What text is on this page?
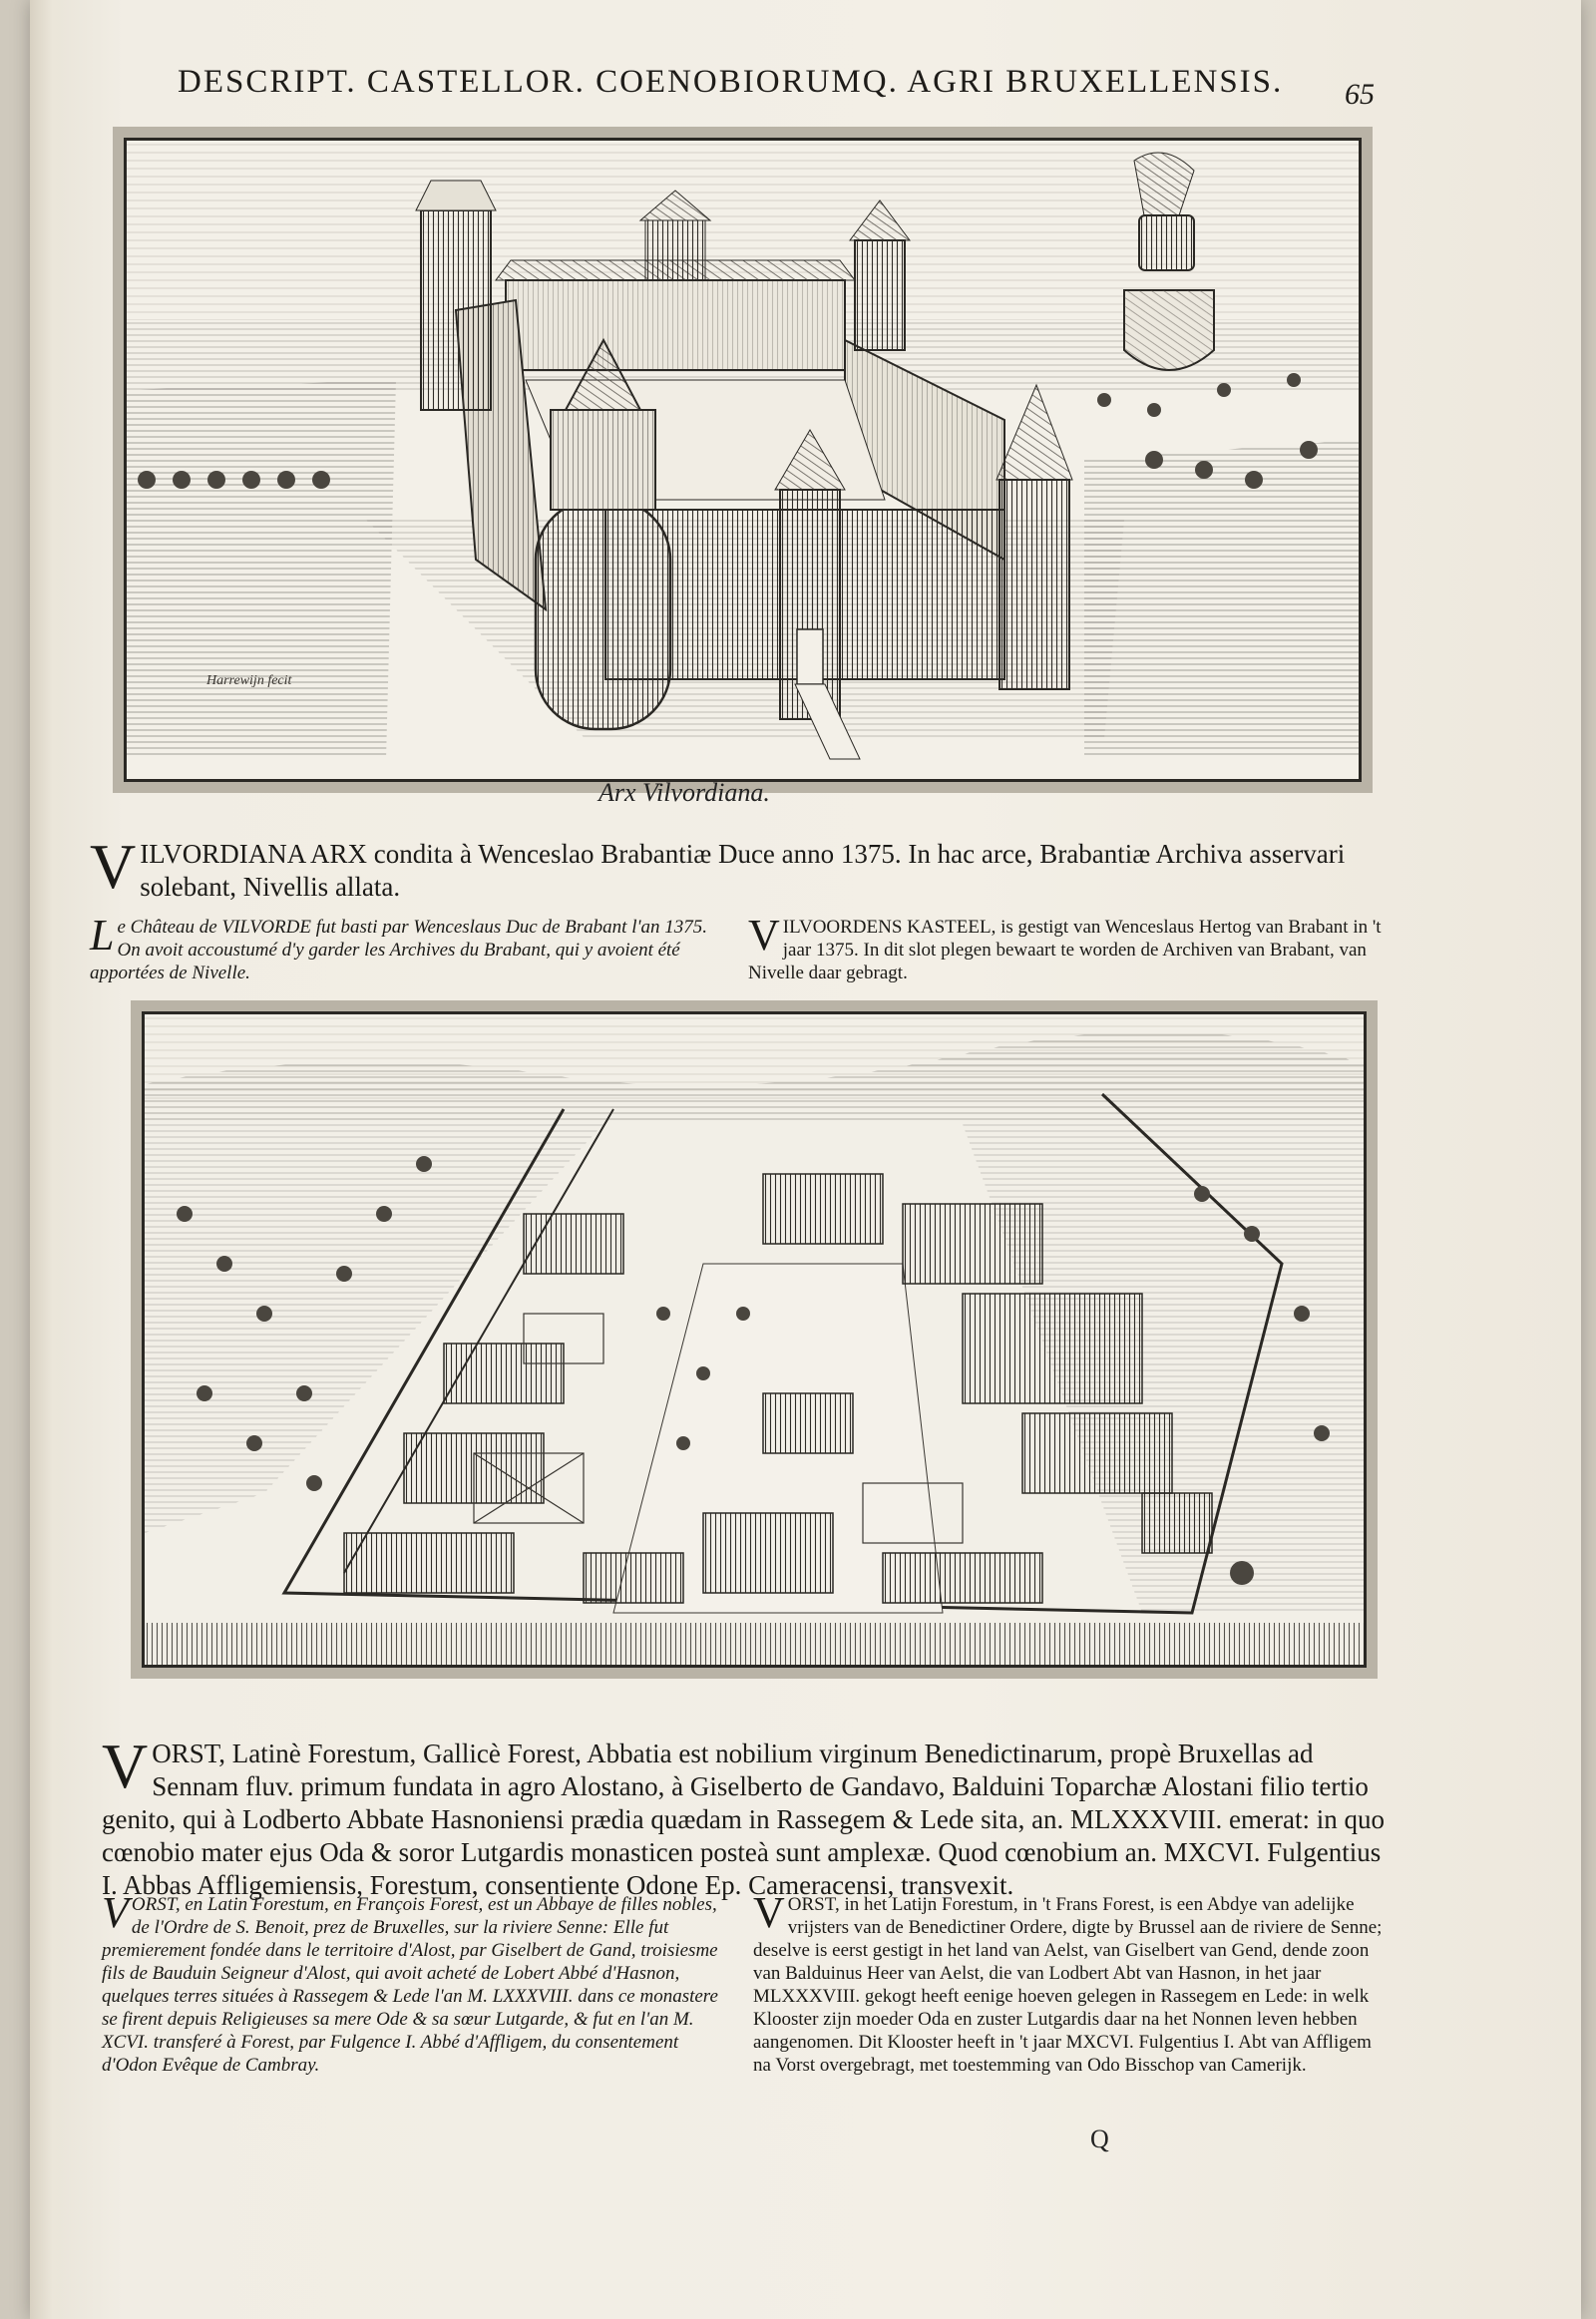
DESCRIPT. CASTELLOR. COENOBIORUMQ. AGRI BRUXELLENSIS. 65
Harrewijn fecit
Arx Vilvordiana.
VILVORDIANA ARX condita à Wenceslao Brabantiæ Duce anno 1375. In hac arce, Brabantiæ Archiva asservari solebant, Nivellis allata.
Le Château de VILVORDE fut basti par Wenceslaus Duc de Brabant l'an 1375. On avoit accoustumé d'y garder les Archives du Brabant, qui y avoient été apportées de Nivelle.
VILVOORDENS KASTEEL, is gestigt van Wenceslaus Hertog van Brabant in 't jaar 1375. In dit slot plegen bewaart te worden de Archiven van Brabant, van Nivelle daar gebragt.
VORST, Latinè Forestum, Gallicè Forest, Abbatia est nobilium virginum Benedictinarum, propè Bruxellas ad Sennam fluv. primum fundata in agro Alostano, à Giselberto de Gandavo, Balduini Toparchæ Alostani filio tertio genito, qui à Lodberto Abbate Hasnoniensi prædia quædam in Rassegem & Lede sita, an. MLXXXVIII. emerat: in quo cœnobio mater ejus Oda & soror Lutgardis monasticen posteà sunt amplexæ. Quod cœnobium an. MXCVI. Fulgentius I. Abbas Affligemiensis, Forestum, consentiente Odone Ep. Cameracensi, transvexit.
VORST, en Latin Forestum, en François Forest, est un Abbaye de filles nobles, de l'Ordre de S. Benoit, prez de Bruxelles, sur la riviere Senne: Elle fut premierement fondée dans le territoire d'Alost, par Giselbert de Gand, troisiesme fils de Bauduin Seigneur d'Alost, qui avoit acheté de Lobert Abbé d'Hasnon, quelques terres situées à Rassegem & Lede l'an M. LXXXVIII. dans ce monastere se firent depuis Religieuses sa mere Ode & sa sœur Lutgarde, & fut en l'an M. XCVI. transferé à Forest, par Fulgence I. Abbé d'Affligem, du consentement d'Odon Evêque de Cambray.
VORST, in het Latijn Forestum, in 't Frans Forest, is een Abdye van adelijke vrijsters van de Benedictiner Ordere, digte by Brussel aan de riviere de Senne; deselve is eerst gestigt in het land van Aelst, van Giselbert van Gend, dende zoon van Balduinus Heer van Aelst, die van Lodbert Abt van Hasnon, in het jaar MLXXXVIII. gekogt heeft eenige hoeven gelegen in Rassegem en Lede: in welk Klooster zijn moeder Oda en zuster Lutgardis daar na het Nonnen leven hebben aangenomen. Dit Klooster heeft in 't jaar MXCVI. Fulgentius I. Abt van Affligem na Vorst overgebragt, met toestemming van Odo Bisschop van Camerijk.
Q
